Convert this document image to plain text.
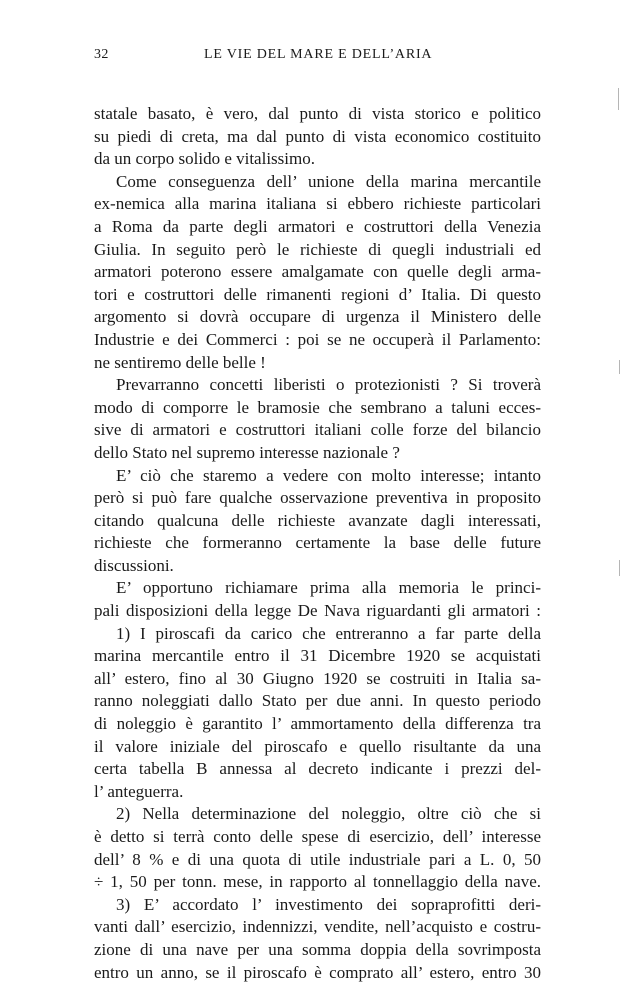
32	LE VIE DEL MARE E DELL’ARIA
statale basato, è vero, dal punto di vista storico e politico
su piedi di creta, ma dal punto di vista economico costituito
da un corpo solido e vitalissimo.
Come conseguenza dell’ unione della marina mercantile
ex-nemica alla marina italiana si ebbero richieste particolari
a Roma da parte degli armatori e costruttori della Venezia
Giulia. In seguito però le richieste di quegli industriali ed
armatori poterono essere amalgamate con quelle degli arma-
tori e costruttori delle rimanenti regioni d’ Italia. Di questo
argomento si dovrà occupare di urgenza il Ministero delle
Industrie e dei Commerci : poi se ne occuperà il Parlamento:
ne sentiremo delle belle !
Prevarranno concetti liberisti o protezionisti ? Si troverà
modo di comporre le bramosie che sembrano a taluni ecces-
sive di armatori e costruttori italiani colle forze del bilancio
dello Stato nel supremo interesse nazionale ?
E’ ciò che staremo a vedere con molto interesse; intanto
però si può fare qualche osservazione preventiva in proposito
citando qualcuna delle richieste avanzate dagli interessati,
richieste che formeranno certamente la base delle future
discussioni.
E’ opportuno richiamare prima alla memoria le princi-
pali disposizioni della legge De Nava riguardanti gli armatori :
1) I piroscafi da carico che entreranno a far parte della
marina mercantile entro il 31 Dicembre 1920 se acquistati
all’ estero, fino al 30 Giugno 1920 se costruiti in Italia sa-
ranno noleggiati dallo Stato per due anni. In questo periodo
di noleggio è garantito l’ ammortamento della differenza tra
il valore iniziale del piroscafo e quello risultante da una
certa tabella B annessa al decreto indicante i prezzi del-
l’ anteguerra.
2) Nella determinazione del noleggio, oltre ciò che si
è detto si terrà conto delle spese di esercizio, dell’ interesse
dell’ 8 % e di una quota di utile industriale pari a L. 0, 50
÷ 1, 50 per tonn. mese, in rapporto al tonnellaggio della nave.
3) E’ accordato l’ investimento dei sopraprofitti deri-
vanti dall’ esercizio, indennizzi, vendite, nell’acquisto e costru-
zione di una nave per una somma doppia della sovrimposta
entro un anno, se il piroscafo è comprato all’ estero, entro 30
